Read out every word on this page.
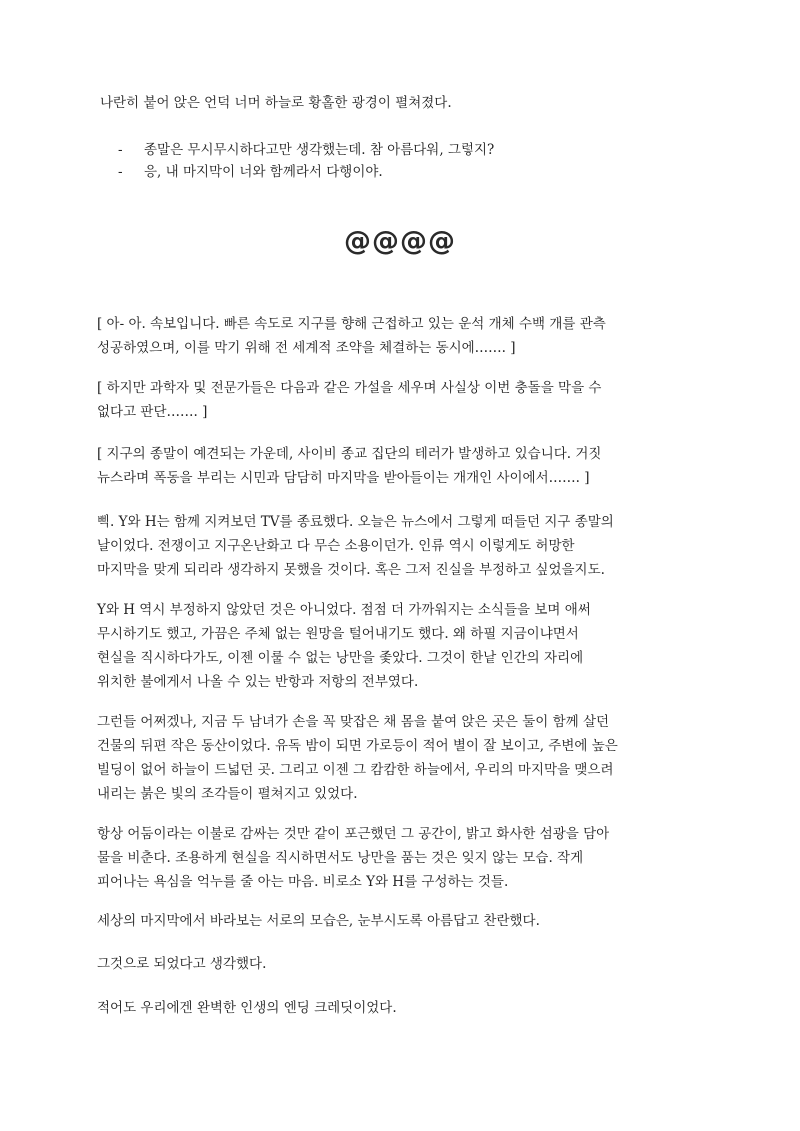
나란히 붙어 앉은 언덕 너머 하늘로 황홀한 광경이 펼쳐졌다.
- 종말은 무시무시하다고만 생각했는데. 참 아름다워, 그렇지?
- 응, 내 마지막이 너와 함께라서 다행이야.
@@@@
[ 아- 아. 속보입니다. 빠른 속도로 지구를 향해 근접하고 있는 운석 개체 수백 개를 관측
성공하였으며, 이를 막기 위해 전 세계적 조약을 체결하는 동시에……. ]
[ 하지만 과학자 및 전문가들은 다음과 같은 가설을 세우며 사실상 이번 충돌을 막을 수
없다고 판단……. ]
[ 지구의 종말이 예견되는 가운데, 사이비 종교 집단의 테러가 발생하고 있습니다. 거짓
뉴스라며 폭동을 부리는 시민과 담담히 마지막을 받아들이는 개개인 사이에서……. ]
삑. Y와 H는 함께 지켜보던 TV를 종료했다. 오늘은 뉴스에서 그렇게 떠들던 지구 종말의
날이었다. 전쟁이고 지구온난화고 다 무슨 소용이던가. 인류 역시 이렇게도 허망한
마지막을 맞게 되리라 생각하지 못했을 것이다. 혹은 그저 진실을 부정하고 싶었을지도.
Y와 H 역시 부정하지 않았던 것은 아니었다. 점점 더 가까워지는 소식들을 보며 애써
무시하기도 했고, 가끔은 주체 없는 원망을 털어내기도 했다. 왜 하필 지금이냐면서
현실을 직시하다가도, 이젠 이룰 수 없는 낭만을 좇았다. 그것이 한낱 인간의 자리에
위치한 불에게서 나올 수 있는 반항과 저항의 전부였다.
그런들 어쩌겠나, 지금 두 남녀가 손을 꼭 맞잡은 채 몸을 붙여 앉은 곳은 둘이 함께 살던
건물의 뒤편 작은 동산이었다. 유독 밤이 되면 가로등이 적어 별이 잘 보이고, 주변에 높은
빌딩이 없어 하늘이 드넓던 곳. 그리고 이젠 그 캄캄한 하늘에서, 우리의 마지막을 맺으려
내리는 붉은 빛의 조각들이 펼쳐지고 있었다.
항상 어둠이라는 이불로 감싸는 것만 같이 포근했던 그 공간이, 밝고 화사한 섬광을 담아
물을 비춘다. 조용하게 현실을 직시하면서도 낭만을 품는 것은 잊지 않는 모습. 작게
피어나는 욕심을 억누를 줄 아는 마음. 비로소 Y와 H를 구성하는 것들.
세상의 마지막에서 바라보는 서로의 모습은, 눈부시도록 아름답고 찬란했다.
그것으로 되었다고 생각했다.
적어도 우리에겐 완벽한 인생의 엔딩 크레딧이었다.
